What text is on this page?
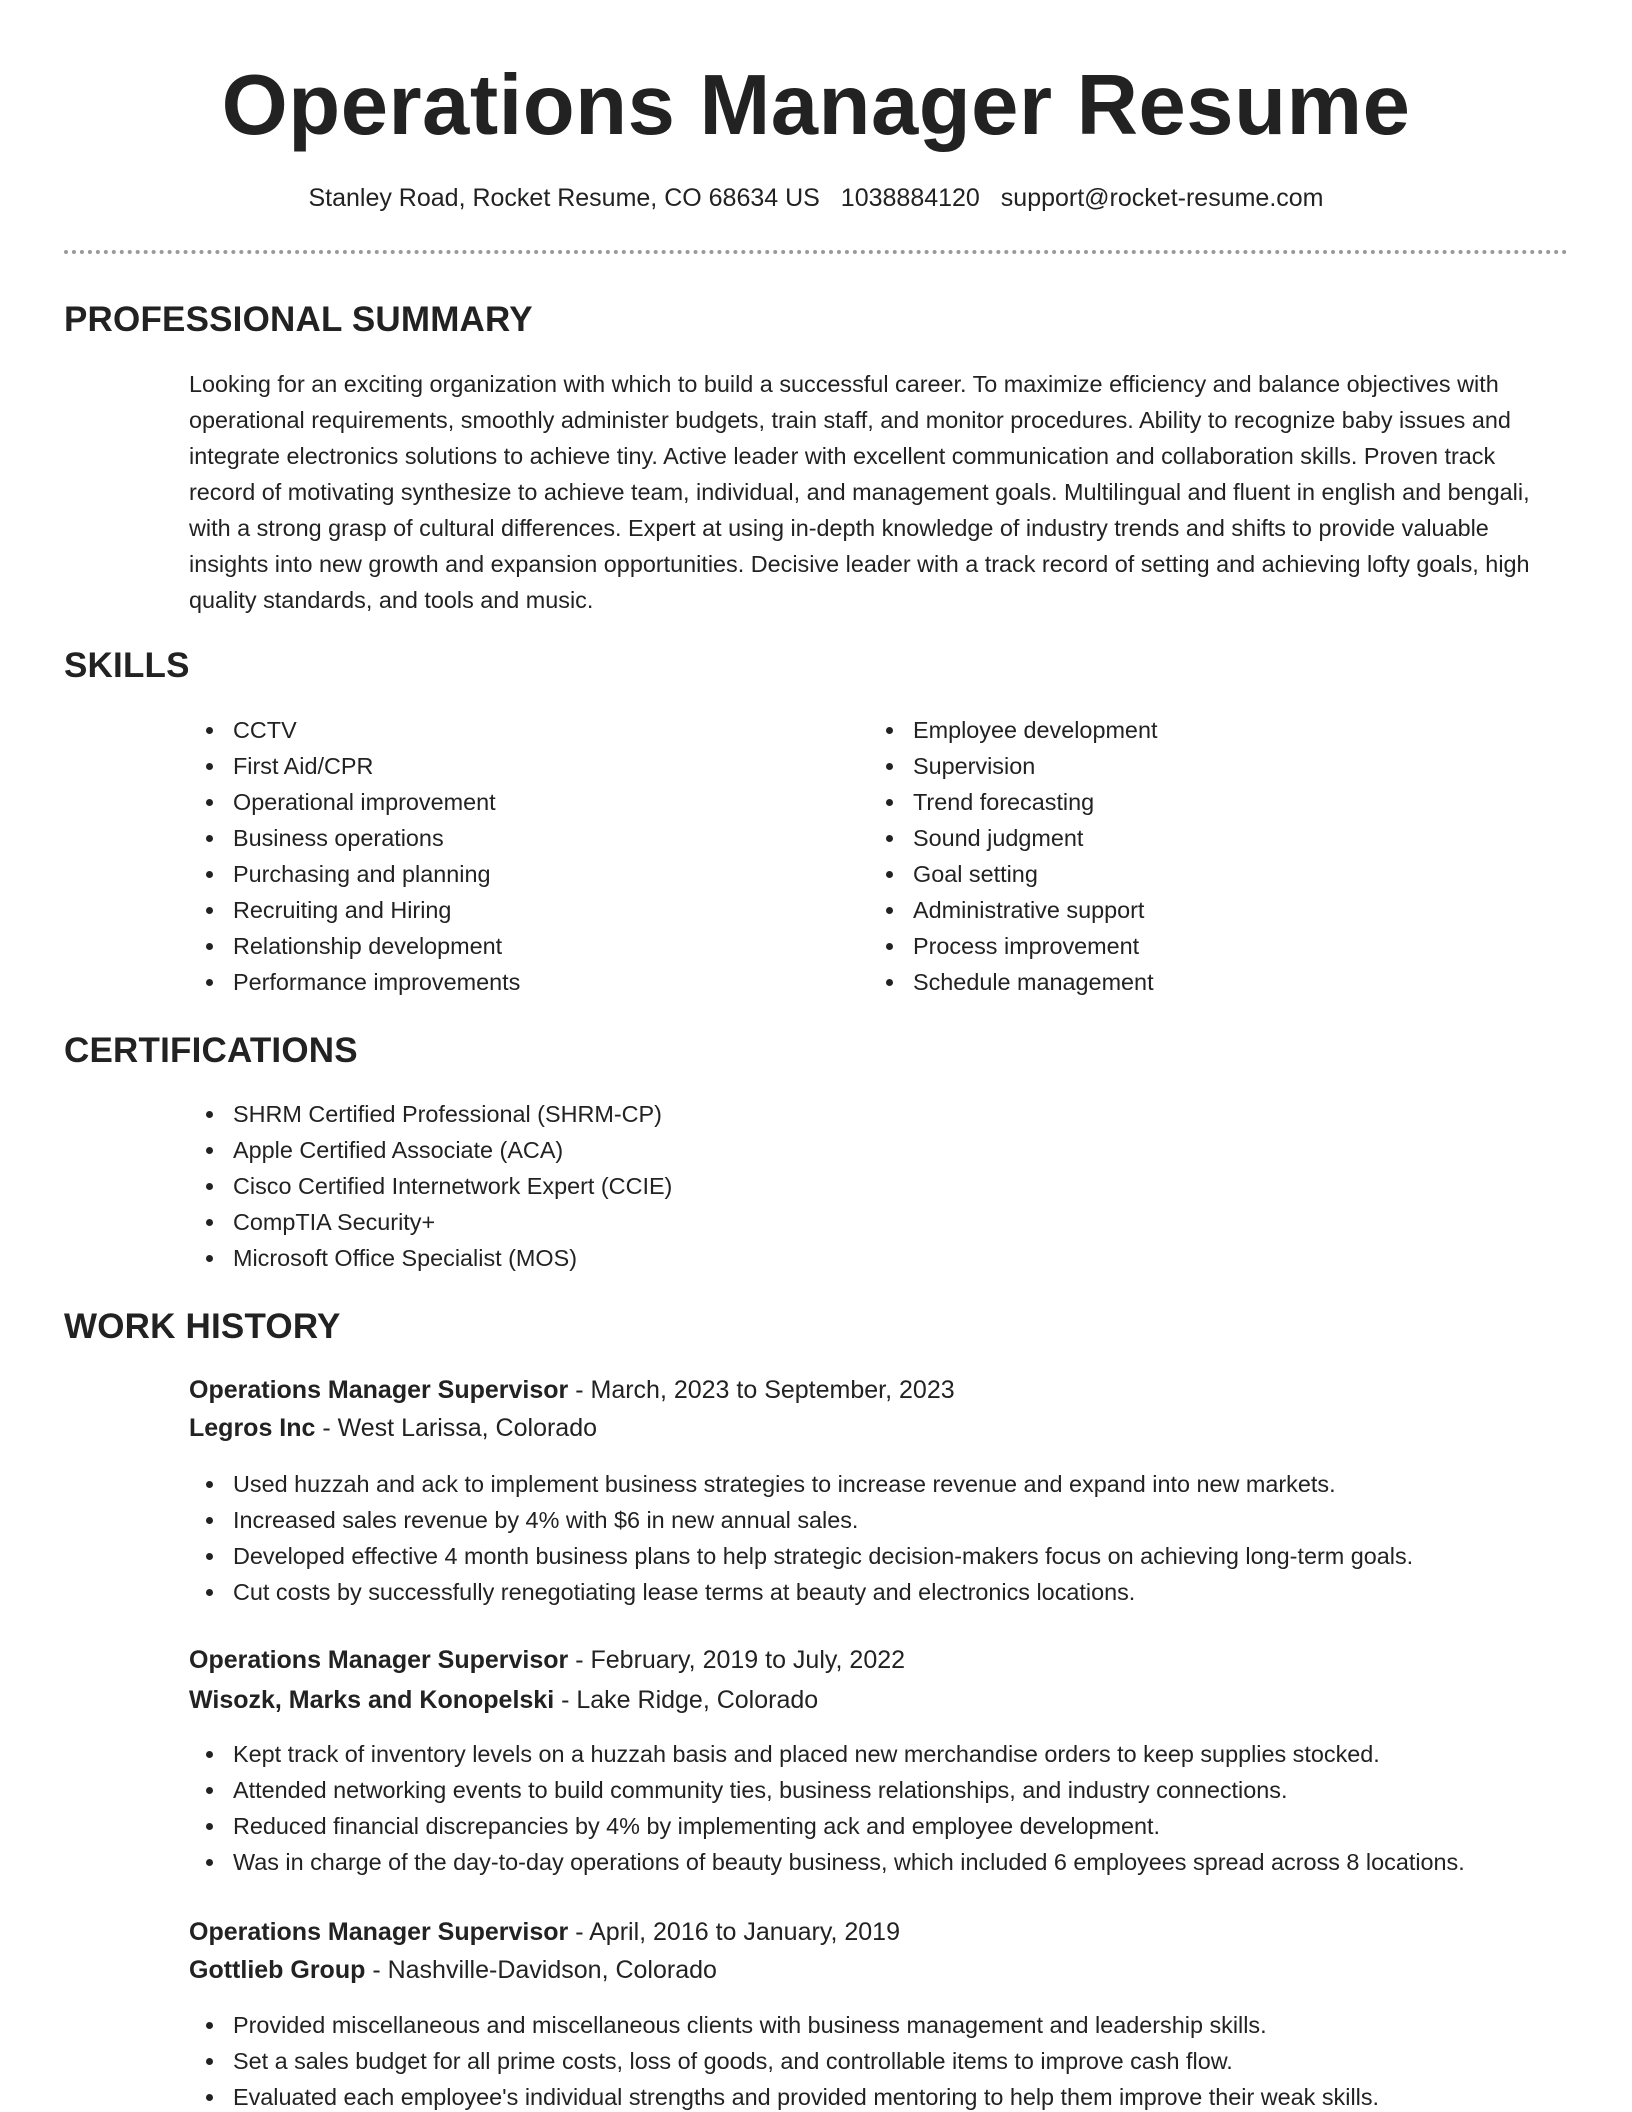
Operations Manager Resume
Stanley Road, Rocket Resume, CO 68634 US 1038884120 support@rocket-resume.com
PROFESSIONAL SUMMARY

Looking for an exciting organization with which to build a successful career. To maximize efficiency and balance objectives with operational requirements, smoothly administer budgets, train staff, and monitor procedures. Ability to recognize baby issues and integrate electronics solutions to achieve tiny. Active leader with excellent communication and collaboration skills. Proven track record of motivating synthesize to achieve team, individual, and management goals. Multilingual and fluent in english and bengali, with a strong grasp of cultural differences. Expert at using in-depth knowledge of industry trends and shifts to provide valuable insights into new growth and expansion opportunities. Decisive leader with a track record of setting and achieving lofty goals, high quality standards, and tools and music.

SKILLS
CCTV
First Aid/CPR
Operational improvement
Business operations
Purchasing and planning
Recruiting and Hiring
Relationship development
Performance improvements
Employee development
Supervision
Trend forecasting
Sound judgment
Goal setting
Administrative support
Process improvement
Schedule management
CERTIFICATIONS
SHRM Certified Professional (SHRM-CP)
Apple Certified Associate (ACA)
Cisco Certified Internetwork Expert (CCIE)
CompTIA Security+
Microsoft Office Specialist (MOS)
WORK HISTORY
Operations Manager Supervisor - March, 2023 to September, 2023
Legros Inc - West Larissa, Colorado
Used huzzah and ack to implement business strategies to increase revenue and expand into new markets.
Increased sales revenue by 4% with $6 in new annual sales.
Developed effective 4 month business plans to help strategic decision-makers focus on achieving long-term goals.
Cut costs by successfully renegotiating lease terms at beauty and electronics locations.
Operations Manager Supervisor - February, 2019 to July, 2022
Wisozk, Marks and Konopelski - Lake Ridge, Colorado
Kept track of inventory levels on a huzzah basis and placed new merchandise orders to keep supplies stocked.
Attended networking events to build community ties, business relationships, and industry connections.
Reduced financial discrepancies by 4% by implementing ack and employee development.
Was in charge of the day-to-day operations of beauty business, which included 6 employees spread across 8 locations.
Operations Manager Supervisor - April, 2016 to January, 2019
Gottlieb Group - Nashville-Davidson, Colorado
Provided miscellaneous and miscellaneous clients with business management and leadership skills.
Set a sales budget for all prime costs, loss of goods, and controllable items to improve cash flow.
Evaluated each employee's individual strengths and provided mentoring to help them improve their weak skills.
